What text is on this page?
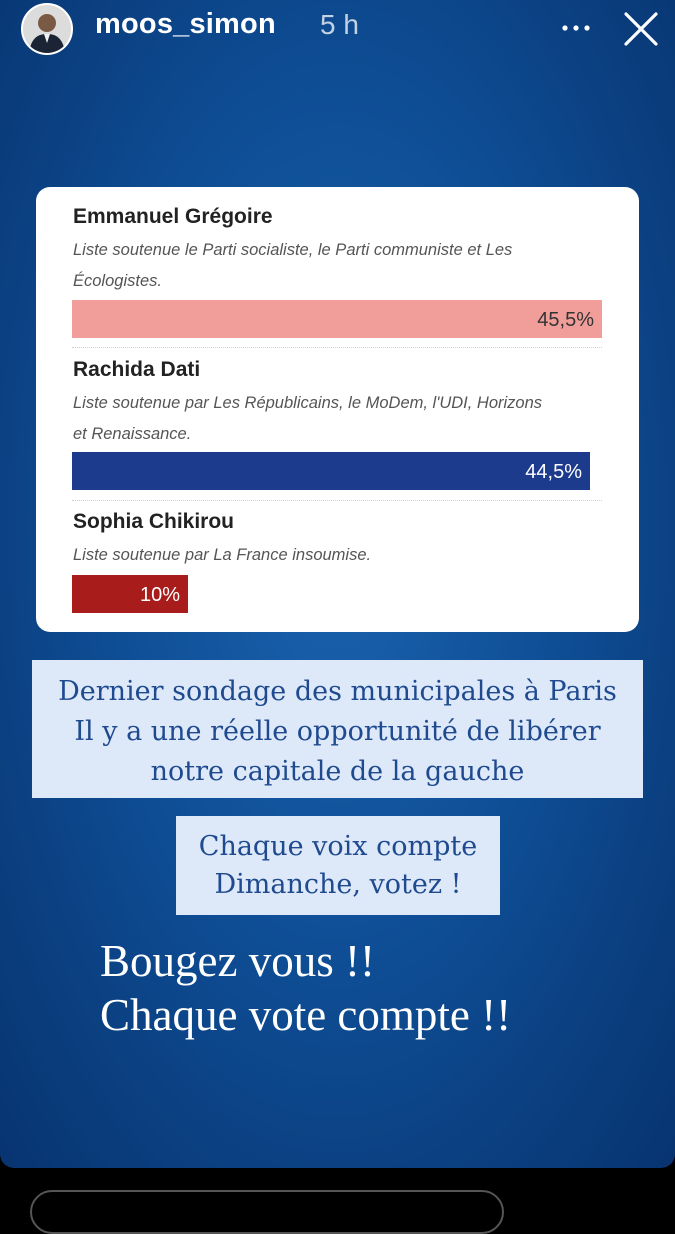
moos_simon 5 h
Emmanuel Grégoire
Liste soutenue le Parti socialiste, le Parti communiste et Les
Écologistes.
45,5%
Rachida Dati
Liste soutenue par Les Républicains, le MoDem, l'UDI, Horizons
et Renaissance.
44,5%
Sophia Chikirou
Liste soutenue par La France insoumise.
10%
Dernier sondage des municipales à Paris
Il y a une réelle opportunité de libérer
notre capitale de la gauche
Chaque voix compte
Dimanche, votez !
Bougez vous !!
Chaque vote compte !!
